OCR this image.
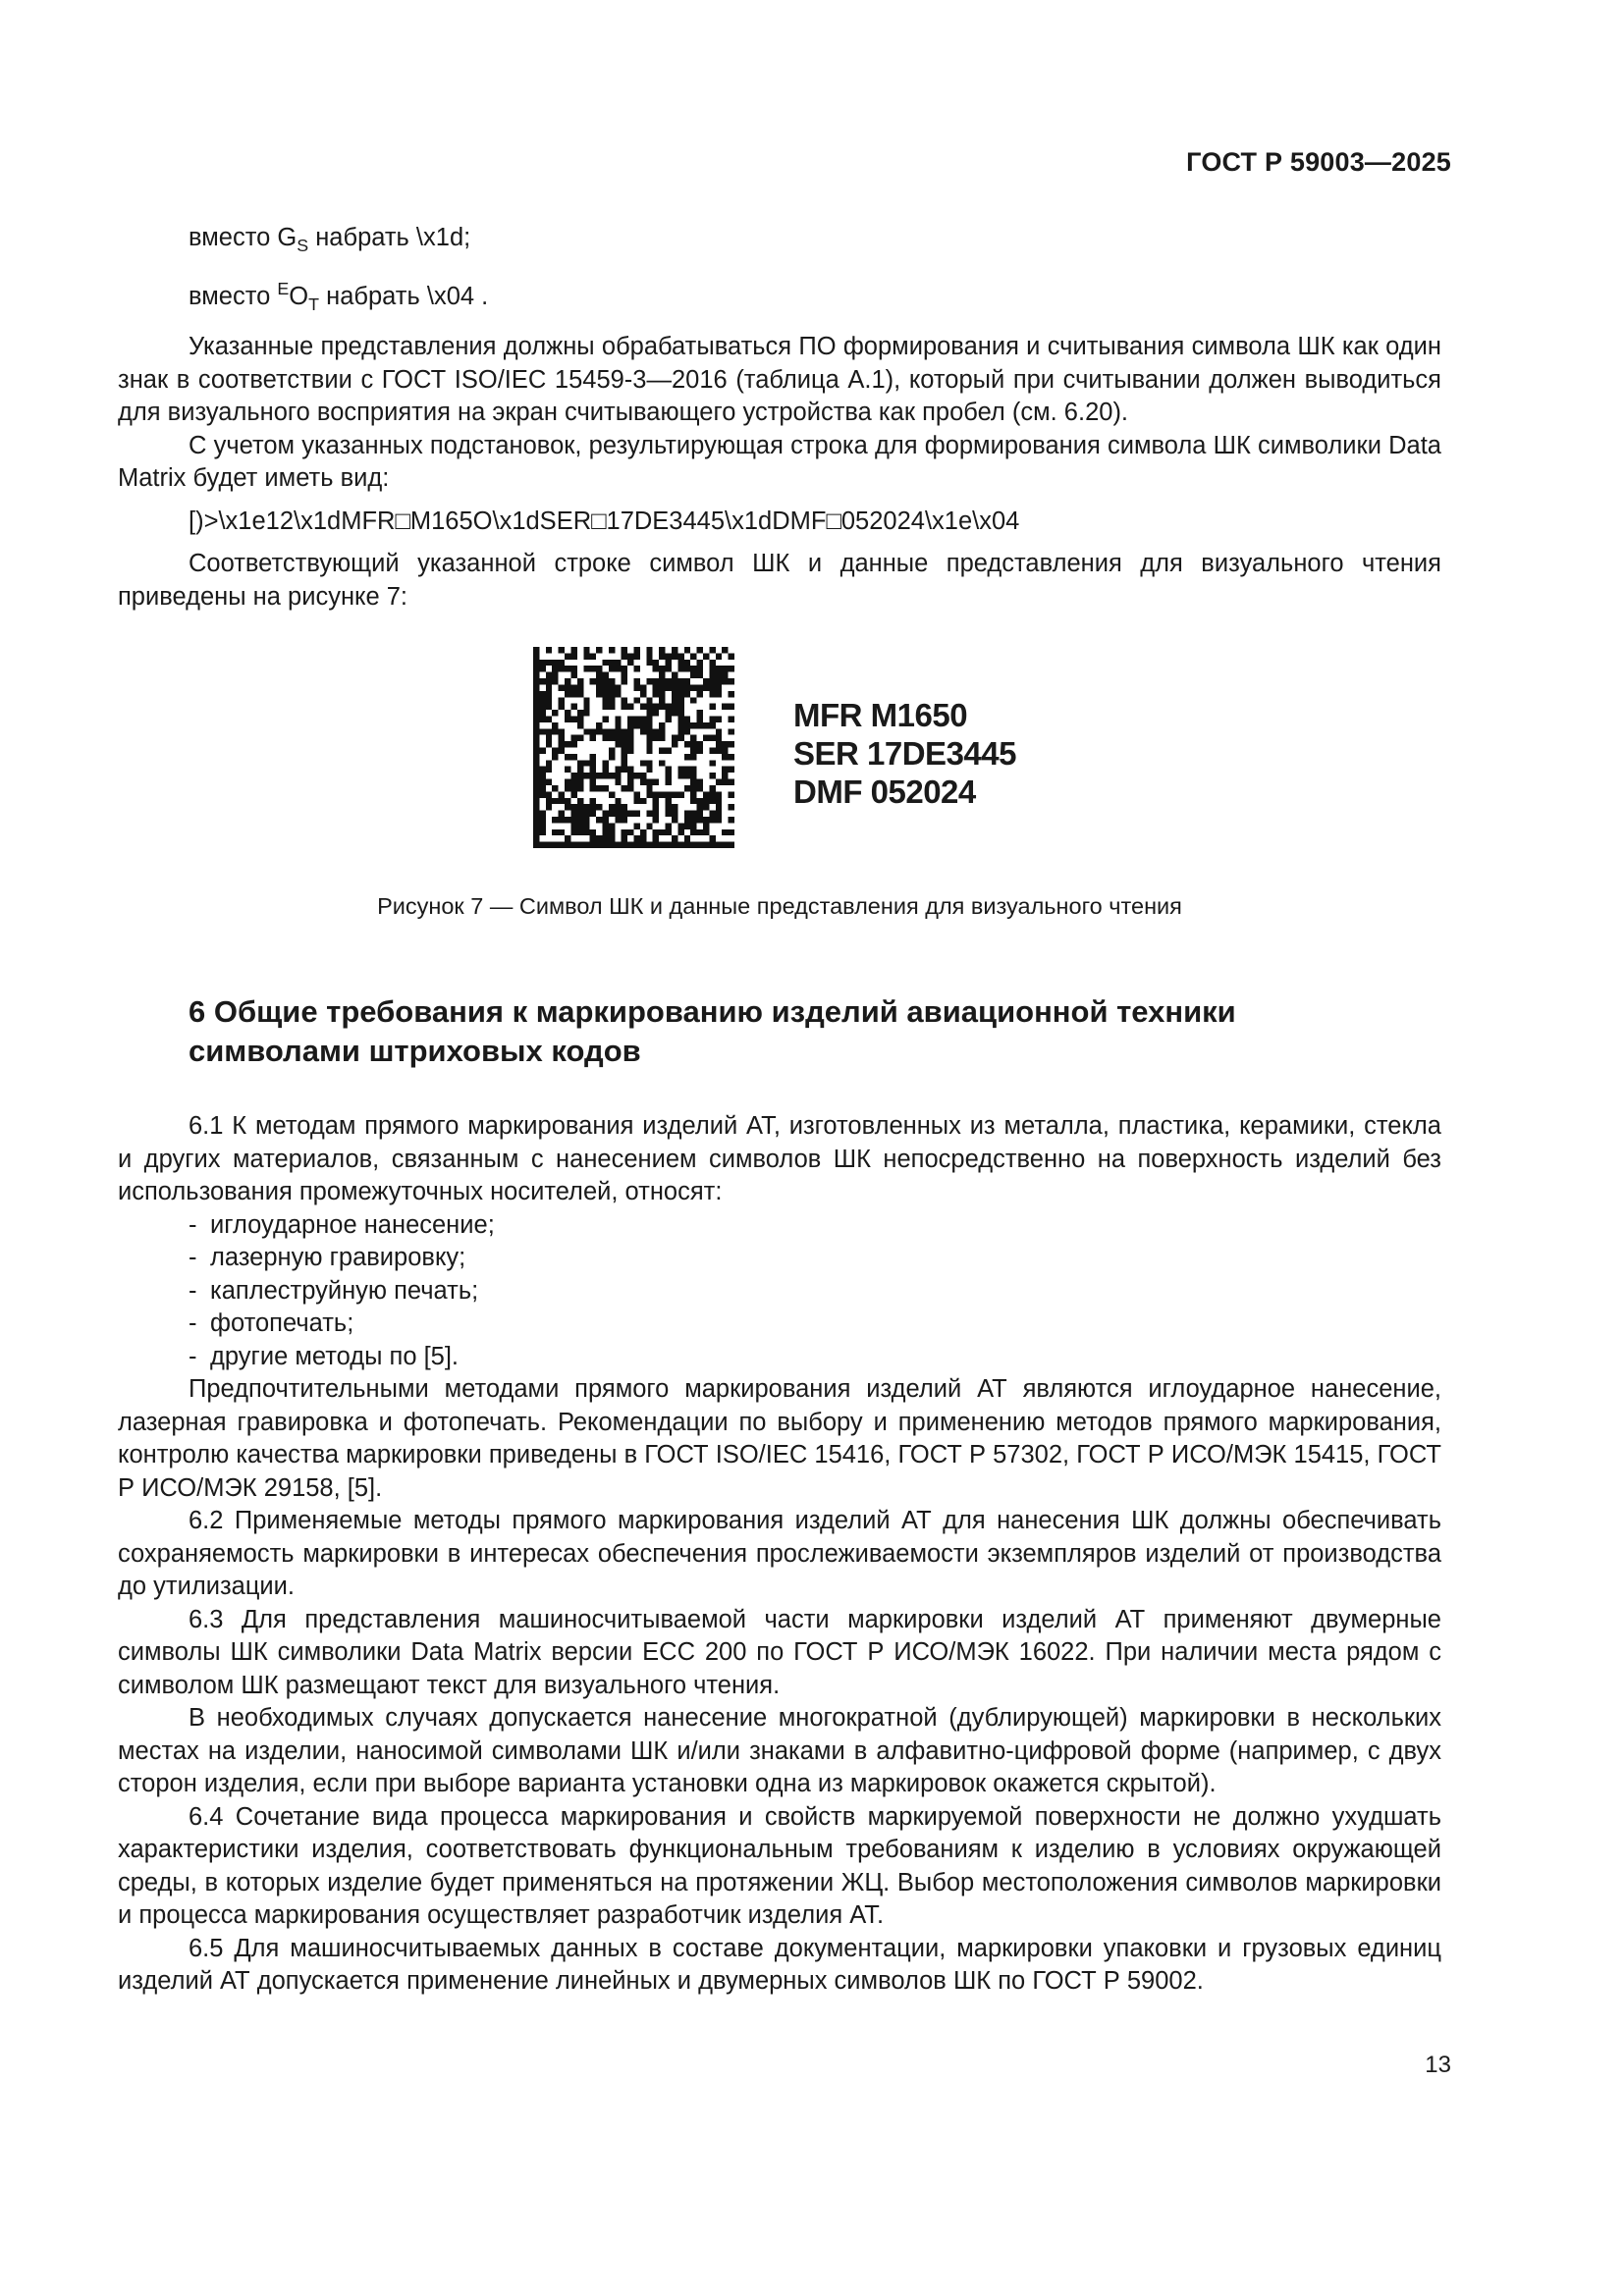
ГОСТ Р 59003—2025

вместо $G_S$ набрать \x1d;

вместо $^EO_T$ набрать \x04 .

Указанные представления должны обрабатываться ПО формирования и считывания символа ШК как один знак в соответствии с ГОСТ ISO/IEC 15459-3—2016 (таблица А.1), который при считывании должен выводиться для визуального восприятия на экран считывающего устройства как пробел (см. 6.20).

С учетом указанных подстановок, результирующая строка для формирования символа ШК символики Data Matrix будет иметь вид:

[)>\x1e12\x1dMFR□M165O\x1dSER□17DE3445\x1dDMF□052024\x1e\x04

Соответствующий указанной строке символ ШК и данные представления для визуального чтения приведены на рисунке 7:

MFR M1650
SER 17DE3445
DMF 052024
Рисунок 7 — Символ ШК и данные представления для визуального чтения
6 Общие требования к маркированию изделий авиационной техники
символами штриховых кодов

6.1 К методам прямого маркирования изделий АТ, изготовленных из металла, пластика, керамики, стекла и других материалов, связанным с нанесением символов ШК непосредственно на поверхность изделий без использования промежуточных носителей, относят:

- иглоударное нанесение;

- лазерную гравировку;

- каплеструйную печать;

- фотопечать;

- другие методы по [5].

Предпочтительными методами прямого маркирования изделий АТ являются иглоударное нанесение, лазерная гравировка и фотопечать. Рекомендации по выбору и применению методов прямого маркирования, контролю качества маркировки приведены в ГОСТ ISO/IEC 15416, ГОСТ Р 57302, ГОСТ Р ИСО/МЭК 15415, ГОСТ Р ИСО/МЭК 29158, [5].

6.2 Применяемые методы прямого маркирования изделий АТ для нанесения ШК должны обеспечивать сохраняемость маркировки в интересах обеспечения прослеживаемости экземпляров изделий от производства до утилизации.

6.3 Для представления машиносчитываемой части маркировки изделий АТ применяют двумерные символы ШК символики Data Matrix версии ЕСС 200 по ГОСТ Р ИСО/МЭК 16022. При наличии места рядом с символом ШК размещают текст для визуального чтения.

В необходимых случаях допускается нанесение многократной (дублирующей) маркировки в нескольких местах на изделии, наносимой символами ШК и/или знаками в алфавитно-цифровой форме (например, с двух сторон изделия, если при выборе варианта установки одна из маркировок окажется скрытой).

6.4 Сочетание вида процесса маркирования и свойств маркируемой поверхности не должно ухудшать характеристики изделия, соответствовать функциональным требованиям к изделию в условиях окружающей среды, в которых изделие будет применяться на протяжении ЖЦ. Выбор местоположения символов маркировки и процесса маркирования осуществляет разработчик изделия АТ.

6.5 Для машиносчитываемых данных в составе документации, маркировки упаковки и грузовых единиц изделий АТ допускается применение линейных и двумерных символов ШК по ГОСТ Р 59002.

13
